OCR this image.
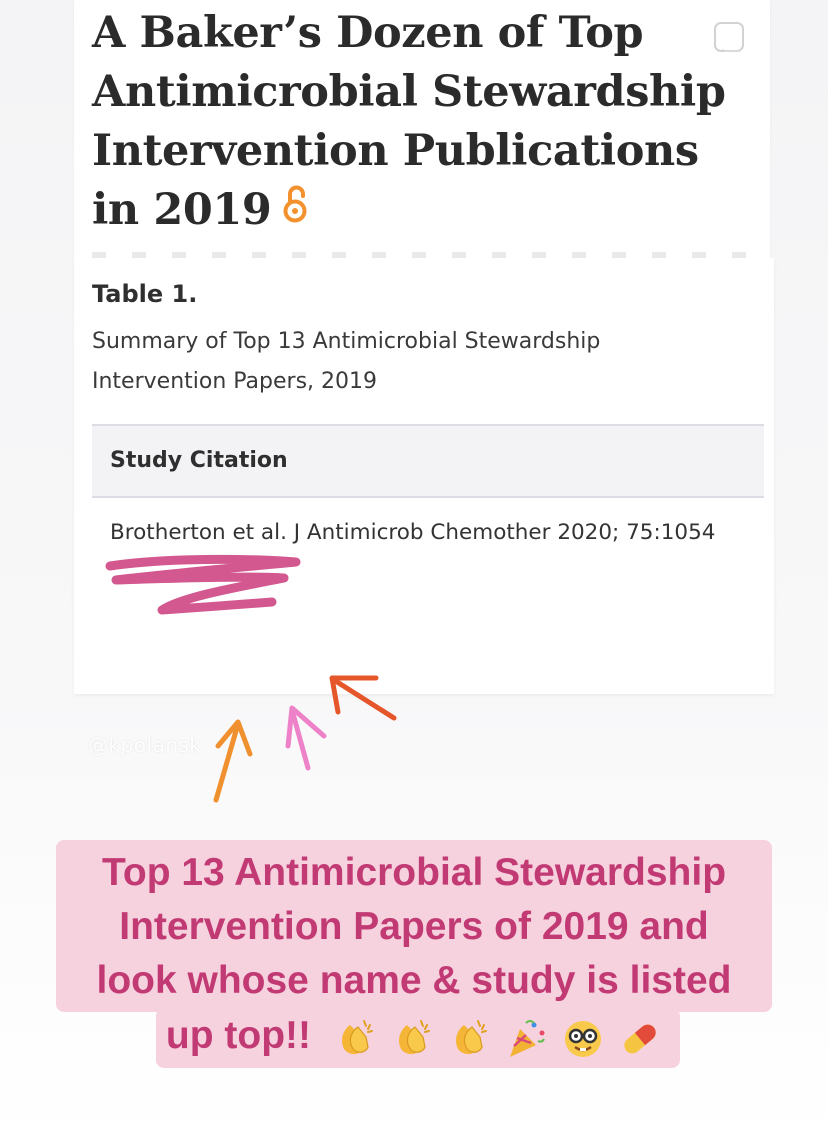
A Baker’s Dozen of Top Antimicrobial Stewardship Intervention Publications in 2019
Table 1.
Summary of Top 13 Antimicrobial Stewardship Intervention Papers, 2019
Study Citation
Brotherton et al. J Antimicrob Chemother 2020; 75:1054
@kpolansk
Top 13 Antimicrobial Stewardship
Intervention Papers of 2019 and
look whose name & study is listed
up top!!
